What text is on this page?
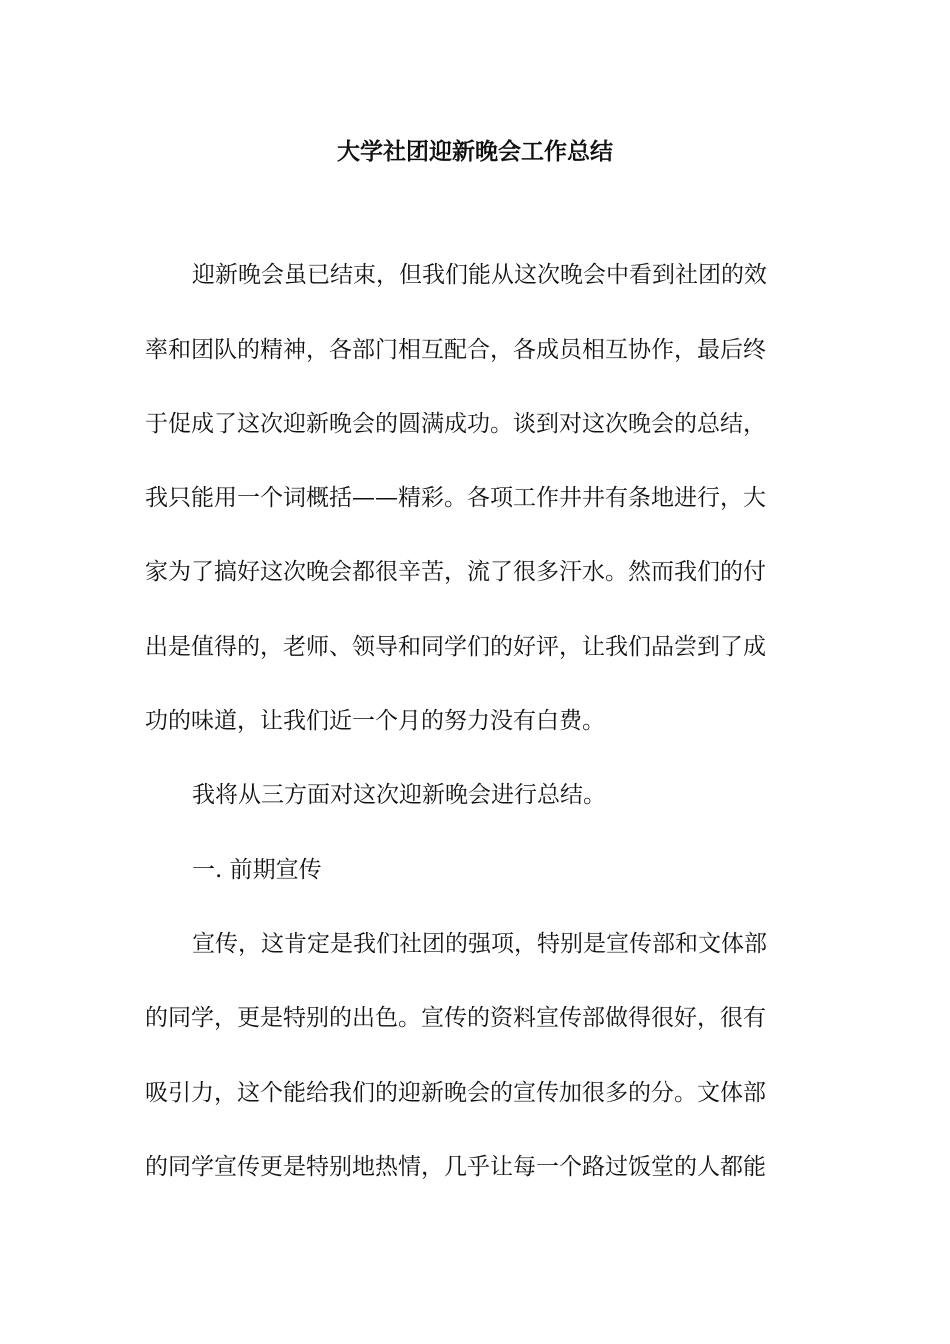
大学社团迎新晚会工作总结
迎新晚会虽已结束，但我们能从这次晚会中看到社团的效
率和团队的精神，各部门相互配合，各成员相互协作，最后终
于促成了这次迎新晚会的圆满成功。谈到对这次晚会的总结，
我只能用一个词概括——精彩。各项工作井井有条地进行，大
家为了搞好这次晚会都很辛苦，流了很多汗水。然而我们的付
出是值得的，老师、领导和同学们的好评，让我们品尝到了成
功的味道，让我们近一个月的努力没有白费。
我将从三方面对这次迎新晚会进行总结。
一. 前期宣传
宣传，这肯定是我们社团的强项，特别是宣传部和文体部
的同学，更是特别的出色。宣传的资料宣传部做得很好，很有
吸引力，这个能给我们的迎新晚会的宣传加很多的分。文体部
的同学宣传更是特别地热情，几乎让每一个路过饭堂的人都能
